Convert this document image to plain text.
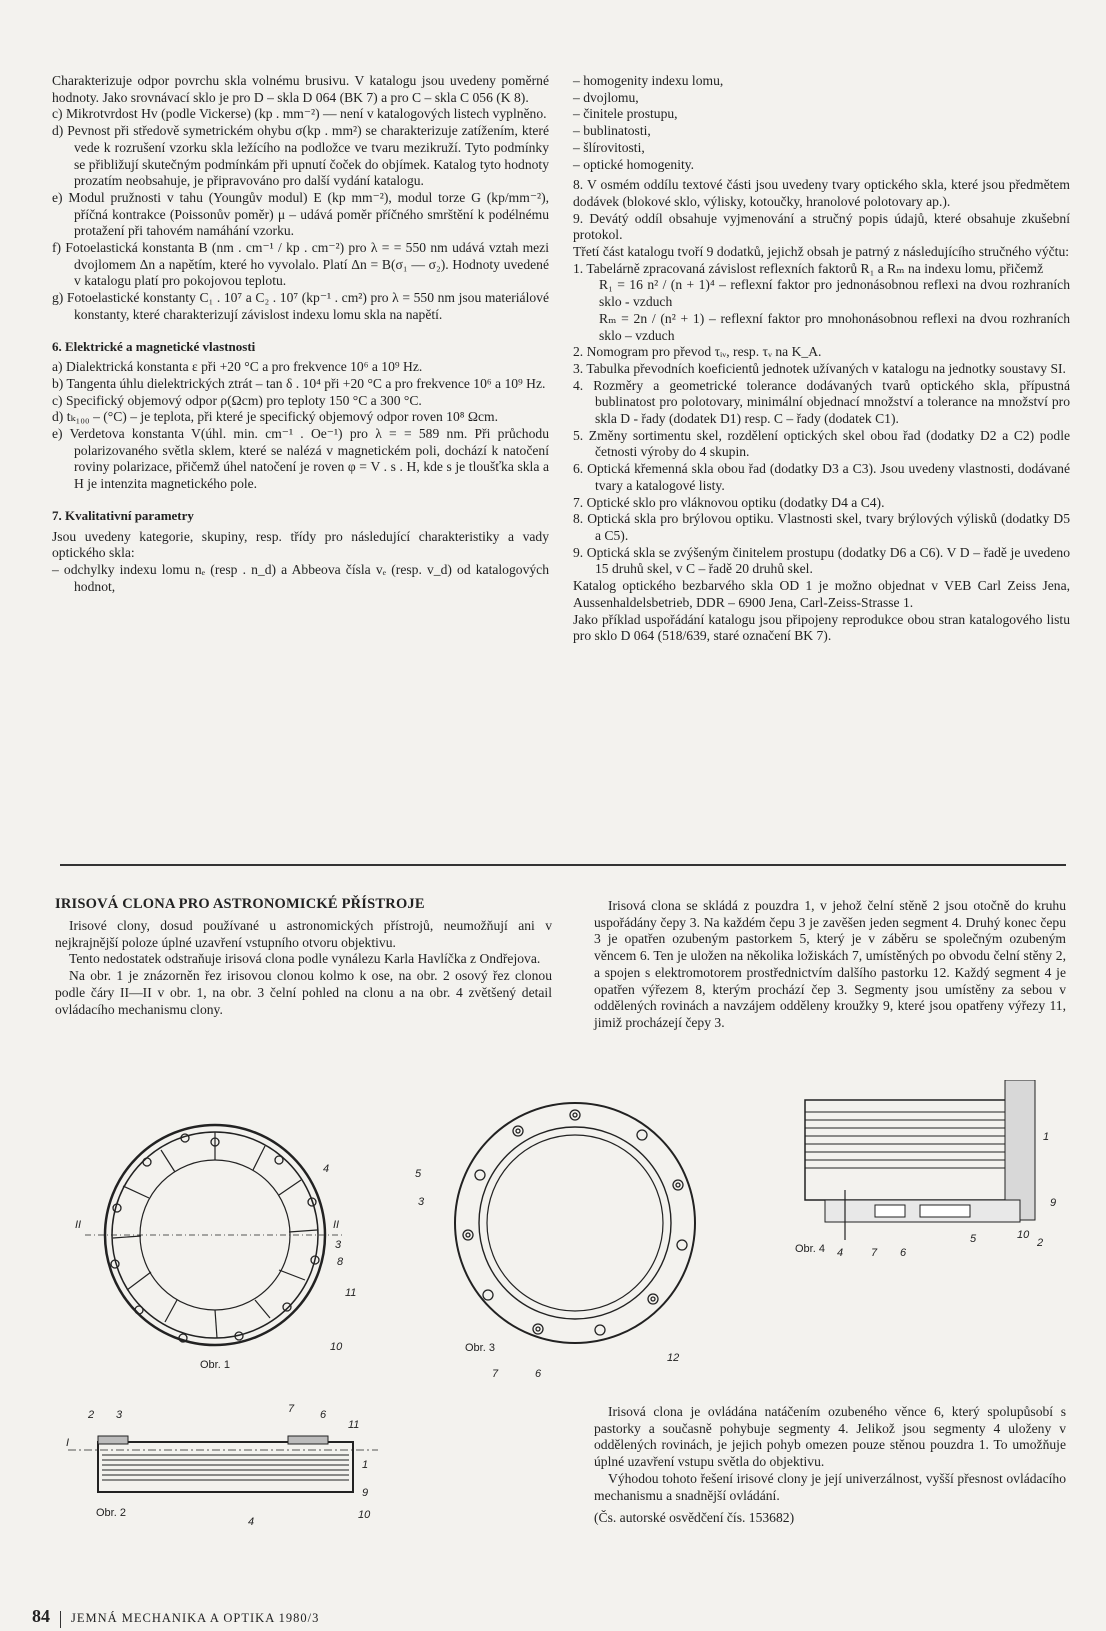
Charakterizuje odpor povrchu skla volnému brusivu. V katalogu jsou uvedeny poměrné hodnoty. Jako srovnávací sklo je pro D – skla D 064 (BK 7) a pro C – skla C 056 (K 8).

c) Mikrotvrdost Hᴠ (podle Vickerse) (kp . mm⁻²) — není v katalogových listech vyplněno.

d) Pevnost při středově symetrickém ohybu σ(kp . mm²) se charakterizuje zatížením, které vede k rozrušení vzorku skla ležícího na podložce ve tvaru mezikruží. Tyto podmínky se přibližují skutečným podmínkám při upnutí čoček do objímek. Katalog tyto hodnoty prozatím neobsahuje, je připravováno pro další vydání katalogu.

e) Modul pružnosti v tahu (Youngův modul) E (kp mm⁻²), modul torze G (kp/mm⁻²), příčná kontrakce (Poissonův poměr) μ – udává poměr příčného smrštění k podélnému protažení při tahovém namáhání vzorku.

f) Fotoelastická konstanta B (nm . cm⁻¹ / kp . cm⁻²) pro λ = = 550 nm udává vztah mezi dvojlomem Δn a napětím, které ho vyvolalo. Platí Δn = B(σ₁ — σ₂). Hodnoty uvedené v katalogu platí pro pokojovou teplotu.

g) Fotoelastické konstanty C₁ . 10⁷ a C₂ . 10⁷ (kp⁻¹ . cm²) pro λ = 550 nm jsou materiálové konstanty, které charakterizují závislost indexu lomu skla na napětí.

6. Elektrické a magnetické vlastnosti

a) Dialektrická konstanta ε při +20 °C a pro frekvence 10⁶ a 10⁹ Hz.

b) Tangenta úhlu dielektrických ztrát – tan δ . 10⁴ při +20 °C a pro frekvence 10⁶ a 10⁹ Hz.

c) Specifický objemový odpor ρ(Ωcm) pro teploty 150 °C a 300 °C.

d) tₖ₁₀₀ – (°C) – je teplota, při které je specifický objemový odpor roven 10⁸ Ωcm.

e) Verdetova konstanta V(úhl. min. cm⁻¹ . Oe⁻¹) pro λ = = 589 nm. Při průchodu polarizovaného světla sklem, které se nalézá v magnetickém poli, dochází k natočení roviny polarizace, přičemž úhel natočení je roven φ = V . s . H, kde s je tloušťka skla a H je intenzita magnetického pole.

7. Kvalitativní parametry

Jsou uvedeny kategorie, skupiny, resp. třídy pro následující charakteristiky a vady optického skla:

– odchylky indexu lomu nₑ (resp . n_d) a Abbeova čísla vₑ (resp. v_d) od katalogových hodnot,

– homogenity indexu lomu,

– dvojlomu,

– činitele prostupu,

– bublinatosti,

– šlírovitosti,

– optické homogenity.

8. V osmém oddílu textové části jsou uvedeny tvary optického skla, které jsou předmětem dodávek (blokové sklo, výlisky, kotoučky, hranolové polotovary ap.).

9. Devátý oddíl obsahuje vyjmenování a stručný popis údajů, které obsahuje zkušební protokol.

Třetí část katalogu tvoří 9 dodatků, jejichž obsah je patrný z následujícího stručného výčtu:

1. Tabelárně zpracovaná závislost reflexních faktorů R₁ a Rₘ na indexu lomu, přičemž

R₁ = 16 n² / (n + 1)⁴ – reflexní faktor pro jednonásobnou reflexi na dvou rozhraních sklo - vzduch

Rₘ = 2n / (n² + 1) – reflexní faktor pro mnohonásobnou reflexi na dvou rozhraních sklo – vzduch

2. Nomogram pro převod τᵢᵥ, resp. τᵥ na K_A.

3. Tabulka převodních koeficientů jednotek užívaných v katalogu na jednotky soustavy SI.

4. Rozměry a geometrické tolerance dodávaných tvarů optického skla, přípustná bublinatost pro polotovary, minimální objednací množství a tolerance na množství pro skla D - řady (dodatek D1) resp. C – řady (dodatek C1).

5. Změny sortimentu skel, rozdělení optických skel obou řad (dodatky D2 a C2) podle četnosti výroby do 4 skupin.

6. Optická křemenná skla obou řad (dodatky D3 a C3). Jsou uvedeny vlastnosti, dodávané tvary a katalogové listy.

7. Optické sklo pro vláknovou optiku (dodatky D4 a C4).

8. Optická skla pro brýlovou optiku. Vlastnosti skel, tvary brýlových výlisků (dodatky D5 a C5).

9. Optická skla se zvýšeným činitelem prostupu (dodatky D6 a C6). V D – řadě je uvedeno 15 druhů skel, v C – řadě 20 druhů skel.

Katalog optického bezbarvého skla OD 1 je možno objednat v VEB Carl Zeiss Jena, Aussenhaldelsbetrieb, DDR – 6900 Jena, Carl-Zeiss-Strasse 1.

Jako příklad uspořádání katalogu jsou připojeny reprodukce obou stran katalogového listu pro sklo D 064 (518/639, staré označení BK 7).

IRISOVÁ CLONA PRO ASTRONOMICKÉ PŘÍSTROJE

Irisové clony, dosud používané u astronomických přístrojů, neumožňují ani v nejkrajnější poloze úplné uzavření vstupního otvoru objektivu.

Tento nedostatek odstraňuje irisová clona podle vynálezu Karla Havlíčka z Ondřejova.

Na obr. 1 je znázorněn řez irisovou clonou kolmo k ose, na obr. 2 osový řez clonou podle čáry II—II v obr. 1, na obr. 3 čelní pohled na clonu a na obr. 4 zvětšený detail ovládacího mechanismu clony.

Irisová clona se skládá z pouzdra 1, v jehož čelní stěně 2 jsou otočně do kruhu uspořádány čepy 3. Na každém čepu 3 je zavěšen jeden segment 4. Druhý konec čepu 3 je opatřen ozubeným pastorkem 5, který je v záběru se společným ozubeným věncem 6. Ten je uložen na několika ložiskách 7, umístěných po obvodu čelní stěny 2, a spojen s elektromotorem prostřednictvím dalšího pastorku 12. Každý segment 4 je opatřen výřezem 8, kterým prochází čep 3. Segmenty jsou umístěny za sebou v oddělených rovinách a navzájem odděleny kroužky 9, které jsou opatřeny výřezy 11, jimiž procházejí čepy 3.

Irisová clona je ovládána natáčením ozubeného věnce 6, který spolupůsobí s pastorky a současně pohybuje segmenty 4. Jelikož jsou segmenty 4 uloženy v oddělených rovinách, je jejich pohyb omezen pouze stěnou pouzdra 1. To umožňuje úplné uzavření vstupu světla do objektivu.

Výhodou tohoto řešení irisové clony je její univerzálnost, vyšší přesnost ovládacího mechanismu a snadnější ovládání.

(Čs. autorské osvědčení čís. 153682)

II	II
3
8
4
10
11
Obr. 1
2 3
I
7 6
11
1
9
4
10
Obr. 2
5
3
7	6
12
Obr. 3
1
9
10
2
5
4	7 6
Obr. 4
84 JEMNÁ MECHANIKA A OPTIKA 1980/3
